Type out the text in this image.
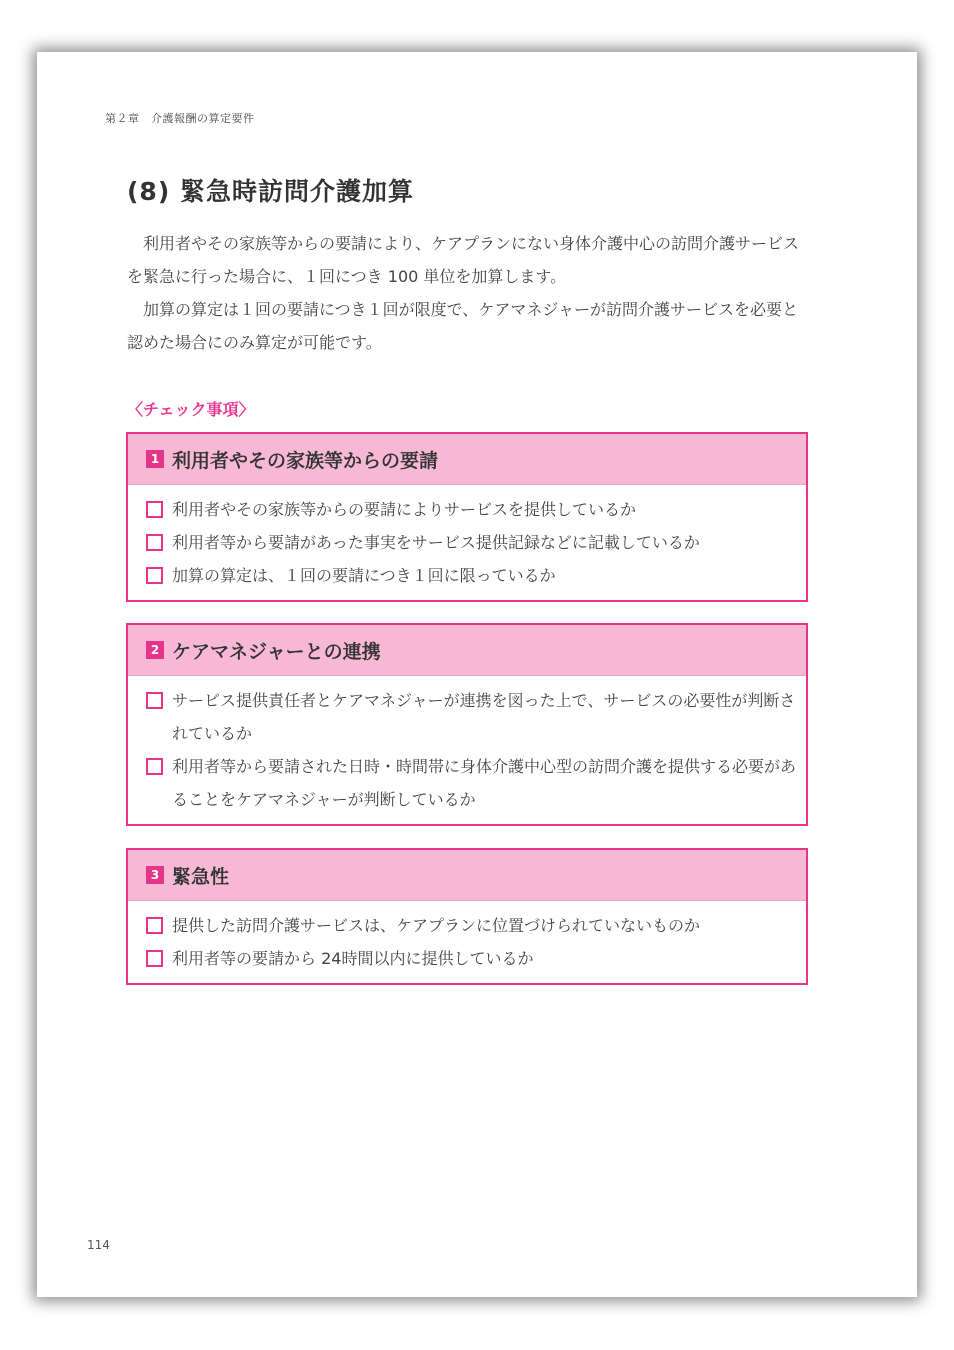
第２章　介護報酬の算定要件
(8) 緊急時訪問介護加算

利用者やその家族等からの要請により、ケアプランにない身体介護中心の訪問介護サービスを緊急に行った場合に、１回につき 100 単位を加算します。

加算の算定は１回の要請につき１回が限度で、ケアマネジャーが訪問介護サービスを必要と認めた場合にのみ算定が可能です。

〈チェック事項〉
1 利用者やその家族等からの要請
利用者やその家族等からの要請によりサービスを提供しているか
利用者等から要請があった事実をサービス提供記録などに記載しているか
加算の算定は、１回の要請につき１回に限っているか
2 ケアマネジャーとの連携
サービス提供責任者とケアマネジャーが連携を図った上で、サービスの必要性が判断されているか
利用者等から要請された日時・時間帯に身体介護中心型の訪問介護を提供する必要があることをケアマネジャーが判断しているか
3 緊急性
提供した訪問介護サービスは、ケアプランに位置づけられていないものか
利用者等の要請から 24時間以内に提供しているか
114
